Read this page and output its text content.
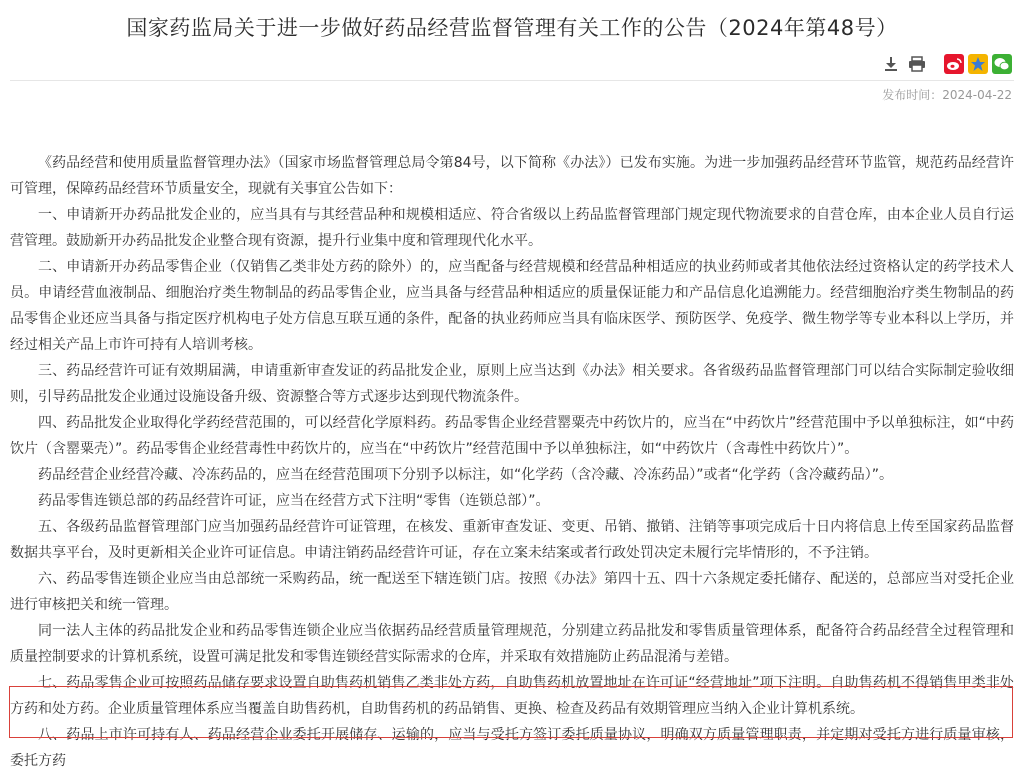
国家药监局关于进一步做好药品经营监督管理有关工作的公告（2024年第48号）
发布时间：2024-04-22

《药品经营和使用质量监督管理办法》（国家市场监督管理总局令第84号，以下简称《办法》）已发布实施。为进一步加强药品经营环节监管，规范药品经营许可管理，保障药品经营环节质量安全，现就有关事宜公告如下：

一、申请新开办药品批发企业的，应当具有与其经营品种和规模相适应、符合省级以上药品监督管理部门规定现代物流要求的自营仓库，由本企业人员自行运营管理。鼓励新开办药品批发企业整合现有资源，提升行业集中度和管理现代化水平。

二、申请新开办药品零售企业（仅销售乙类非处方药的除外）的，应当配备与经营规模和经营品种相适应的执业药师或者其他依法经过资格认定的药学技术人员。申请经营血液制品、细胞治疗类生物制品的药品零售企业，应当具备与经营品种相适应的质量保证能力和产品信息化追溯能力。经营细胞治疗类生物制品的药品零售企业还应当具备与指定医疗机构电子处方信息互联互通的条件，配备的执业药师应当具有临床医学、预防医学、免疫学、微生物学等专业本科以上学历，并经过相关产品上市许可持有人培训考核。

三、药品经营许可证有效期届满，申请重新审查发证的药品批发企业，原则上应当达到《办法》相关要求。各省级药品监督管理部门可以结合实际制定验收细则，引导药品批发企业通过设施设备升级、资源整合等方式逐步达到现代物流条件。

四、药品批发企业取得化学药经营范围的，可以经营化学原料药。药品零售企业经营罂粟壳中药饮片的，应当在“中药饮片”经营范围中予以单独标注，如“中药饮片（含罂粟壳）”。药品零售企业经营毒性中药饮片的，应当在“中药饮片”经营范围中予以单独标注，如“中药饮片（含毒性中药饮片）”。

药品经营企业经营冷藏、冷冻药品的，应当在经营范围项下分别予以标注，如“化学药（含冷藏、冷冻药品）”或者“化学药（含冷藏药品）”。

药品零售连锁总部的药品经营许可证，应当在经营方式下注明“零售（连锁总部）”。

五、各级药品监督管理部门应当加强药品经营许可证管理，在核发、重新审查发证、变更、吊销、撤销、注销等事项完成后十日内将信息上传至国家药品监督数据共享平台，及时更新相关企业许可证信息。申请注销药品经营许可证，存在立案未结案或者行政处罚决定未履行完毕情形的，不予注销。

六、药品零售连锁企业应当由总部统一采购药品，统一配送至下辖连锁门店。按照《办法》第四十五、四十六条规定委托储存、配送的，总部应当对受托企业进行审核把关和统一管理。

同一法人主体的药品批发企业和药品零售连锁企业应当依据药品经营质量管理规范，分别建立药品批发和零售质量管理体系，配备符合药品经营全过程管理和质量控制要求的计算机系统，设置可满足批发和零售连锁经营实际需求的仓库，并采取有效措施防止药品混淆与差错。

七、药品零售企业可按照药品储存要求设置自助售药机销售乙类非处方药，自助售药机放置地址在许可证“经营地址”项下注明。自助售药机不得销售甲类非处方药和处方药。企业质量管理体系应当覆盖自助售药机，自助售药机的药品销售、更换、检查及药品有效期管理应当纳入企业计算机系统。

八、药品上市许可持有人、药品经营企业委托开展储存、运输的，应当与受托方签订委托质量协议，明确双方质量管理职责，并定期对受托方进行质量审核，委托方药
